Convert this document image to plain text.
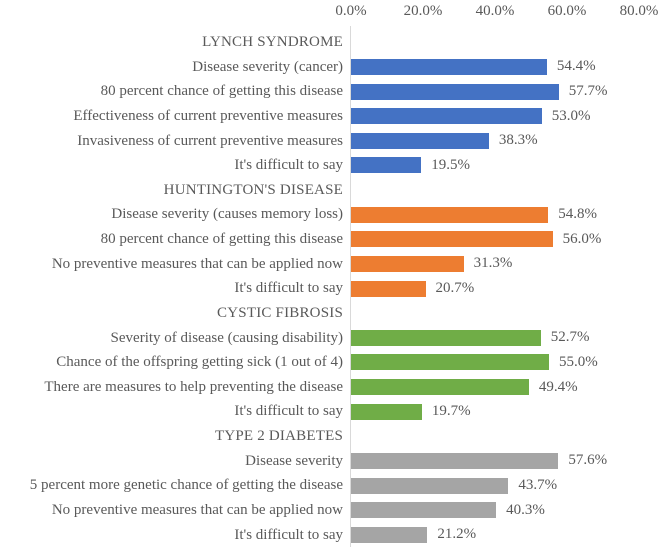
0.0% 20.0% 40.0% 60.0% 80.0%
LYNCH SYNDROME
Disease severity (cancer)	54.4%
80 percent chance of getting this disease	57.7%
Effectiveness of current preventive measures	53.0%
Invasiveness of current preventive measures	38.3%
It's difficult to say	19.5%
HUNTINGTON'S DISEASE
Disease severity (causes memory loss)	54.8%
80 percent chance of getting this disease	56.0%
No preventive measures that can be applied now	31.3%
It's difficult to say	20.7%
CYSTIC FIBROSIS
Severity of disease (causing disability)	52.7%
Chance of the offspring getting sick (1 out of 4)	55.0%
There are measures to help preventing the disease	49.4%
It's difficult to say	19.7%
TYPE 2 DIABETES
Disease severity	57.6%
5 percent more genetic chance of getting the disease	43.7%
No preventive measures that can be applied now	40.3%
It's difficult to say	21.2%
